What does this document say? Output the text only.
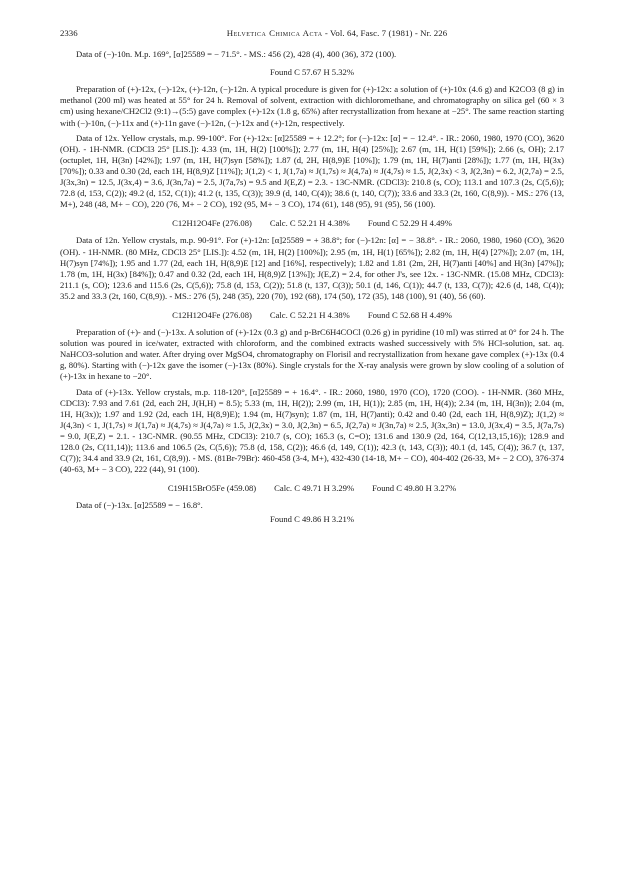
2336	Helvetica Chimica Acta - Vol. 64, Fasc. 7 (1981) - Nr. 226

Data of (−)-10n. M.p. 169°, [α]25589 = − 71.5°. - MS.: 456 (2), 428 (4), 400 (36), 372 (100).

Found C 57.67 H 5.32%

Preparation of (+)-12x, (−)-12x, (+)-12n, (−)-12n. A typical procedure is given for (+)-12x: a solution of (+)-10x (4.6 g) and K2CO3 (8 g) in methanol (200 ml) was heated at 55° for 24 h. Removal of solvent, extraction with dichloromethane, and chromatography on silica gel (60 × 3 cm) using hexane/CH2Cl2 (9:1)→(5:5) gave complex (+)-12x (1.8 g, 65%) after recrystallization from hexane at −25°. The same reaction starting with (−)-10n, (−)-11x and (+)-11n gave (−)-12n, (−)-12x and (+)-12n, respectively.

Data of 12x. Yellow crystals, m.p. 99-100°. For (+)-12x: [α]25589 = + 12.2°; for (−)-12x: [α] = − 12.4°. - IR.: 2060, 1980, 1970 (CO), 3620 (OH). - 1H-NMR. (CDCl3 25° [LIS.]): 4.33 (m, 1H, H(2) [100%]); 2.77 (m, 1H, H(4) [25%]); 2.67 (m, 1H, H(1) [59%]); 2.66 (s, OH); 2.17 (octuplet, 1H, H(3n) [42%]); 1.97 (m, 1H, H(7)syn [58%]); 1.87 (d, 2H, H(8,9)E [10%]); 1.79 (m, 1H, H(7)anti [28%]); 1.77 (m, 1H, H(3x) [70%]); 0.33 and 0.30 (2d, each 1H, H(8,9)Z [11%]); J(1,2) < 1, J(1,7a) ≈ J(1,7s) ≈ J(4,7a) ≈ J(4,7s) ≈ 1.5, J(2,3x) < 3, J(2,3n) = 6.2, J(2,7a) = 2.5, J(3x,3n) = 12.5, J(3x,4) = 3.6, J(3n,7a) = 2.5, J(7a,7s) = 9.5 and J(E,Z) = 2.3. - 13C-NMR. (CDCl3): 210.8 (s, CO); 113.1 and 107.3 (2s, C(5,6)); 72.8 (d, 153, C(2)); 49.2 (d, 152, C(1)); 41.2 (t, 135, C(3)); 39.9 (d, 140, C(4)); 38.6 (t, 140, C(7)); 33.6 and 33.3 (2t, 160, C(8,9)). - MS.: 276 (13, M+), 248 (48, M+ − CO), 220 (76, M+ − 2 CO), 192 (95, M+ − 3 CO), 174 (61), 148 (95), 91 (95), 56 (100).

C12H12O4Fe (276.08) Calc. C 52.21 H 4.38% Found C 52.29 H 4.49%

Data of 12n. Yellow crystals, m.p. 90-91°. For (+)-12n: [α]25589 = + 38.8°; for (−)-12n: [α] = − 38.8°. - IR.: 2060, 1980, 1960 (CO), 3620 (OH). - 1H-NMR. (80 MHz, CDCl3 25° [LIS.]): 4.52 (m, 1H, H(2) [100%]); 2.95 (m, 1H, H(1) [65%]); 2.82 (m, 1H, H(4) [27%]); 2.07 (m, 1H, H(7)syn [74%]); 1.95 and 1.77 (2d, each 1H, H(8,9)E [12] and [16%], respectively); 1.82 and 1.81 (2m, 2H, H(7)anti [40%] and H(3n) [47%]); 1.78 (m, 1H, H(3x) [84%]); 0.47 and 0.32 (2d, each 1H, H(8,9)Z [13%]); J(E,Z) = 2.4, for other J's, see 12x. - 13C-NMR. (15.08 MHz, CDCl3): 211.1 (s, CO); 123.6 and 115.6 (2s, C(5,6)); 75.8 (d, 153, C(2)); 51.8 (t, 137, C(3)); 50.1 (d, 146, C(1)); 44.7 (t, 133, C(7)); 42.6 (d, 148, C(4)); 35.2 and 33.3 (2t, 160, C(8,9)). - MS.: 276 (5), 248 (35), 220 (70), 192 (68), 174 (50), 172 (35), 148 (100), 91 (40), 56 (60).

C12H12O4Fe (276.08) Calc. C 52.21 H 4.38% Found C 52.68 H 4.49%

Preparation of (+)- and (−)-13x. A solution of (+)-12x (0.3 g) and p-BrC6H4COCl (0.26 g) in pyridine (10 ml) was stirred at 0° for 24 h. The solution was poured in ice/water, extracted with chloroform, and the combined extracts washed successively with 5% HCl-solution, sat. aq. NaHCO3-solution and water. After drying over MgSO4, chromatography on Florisil and recrystallization from hexane gave complex (+)-13x (0.4 g, 80%). Starting with (−)-12x gave the isomer (−)-13x (80%). Single crystals for the X-ray analysis were grown by slow cooling of a solution of (+)-13x in hexane to −20°.

Data of (+)-13x. Yellow crystals, m.p. 118-120°, [α]25589 = + 16.4°. - IR.: 2060, 1980, 1970 (CO), 1720 (COO). - 1H-NMR. (360 MHz, CDCl3): 7.93 and 7.61 (2d, each 2H, J(H,H) = 8.5); 5.33 (m, 1H, H(2)); 2.99 (m, 1H, H(1)); 2.85 (m, 1H, H(4)); 2.34 (m, 1H, H(3n)); 2.04 (m, 1H, H(3x)); 1.97 and 1.92 (2d, each 1H, H(8,9)E); 1.94 (m, H(7)syn); 1.87 (m, 1H, H(7)anti); 0.42 and 0.40 (2d, each 1H, H(8,9)Z); J(1,2) ≈ J(4,3n) < 1, J(1,7s) ≈ J(1,7a) ≈ J(4,7s) ≈ J(4,7a) ≈ 1.5, J(2,3x) = 3.0, J(2,3n) = 6.5, J(2,7a) ≈ J(3n,7a) ≈ 2.5, J(3x,3n) = 13.0, J(3x,4) = 3.5, J(7a,7s) = 9.0, J(E,Z) = 2.1. - 13C-NMR. (90.55 MHz, CDCl3): 210.7 (s, CO); 165.3 (s, C=O); 131.6 and 130.9 (2d, 164, C(12,13,15,16)); 128.9 and 128.0 (2s, C(11,14)); 113.6 and 106.5 (2s, C(5,6)); 75.8 (d, 158, C(2)); 46.6 (d, 149, C(1)); 42.3 (t, 143, C(3)); 40.1 (d, 145, C(4)); 36.7 (t, 137, C(7)); 34.4 and 33.9 (2t, 161, C(8,9)). - MS. (81Br-79Br): 460-458 (3-4, M+), 432-430 (14-18, M+ − CO), 404-402 (26-33, M+ − 2 CO), 376-374 (40-63, M+ − 3 CO), 222 (44), 91 (100).

C19H15BrO5Fe (459.08) Calc. C 49.71 H 3.29% Found C 49.80 H 3.27%

Data of (−)-13x. [α]25589 = − 16.8°.

Found C 49.86 H 3.21%
